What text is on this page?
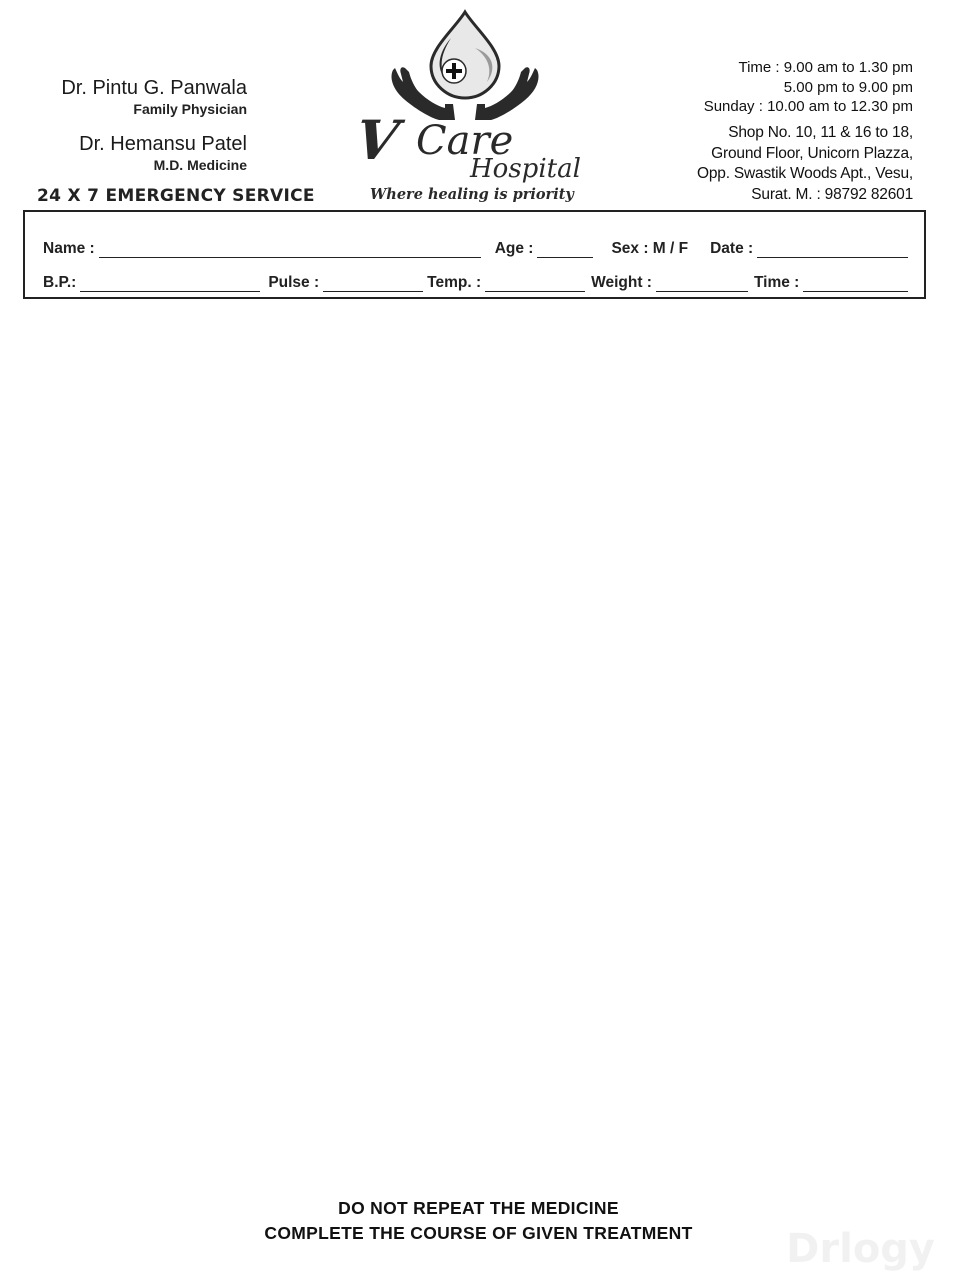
Dr. Pintu G. Panwala
Family Physician
Dr. Hemansu Patel
M.D. Medicine
24 X 7 EMERGENCY SERVICE
V Care
Hospital
Where healing is priority
Time : 9.00 am to 1.30 pm
5.00 pm to 9.00 pm
Sunday : 10.00 am to 12.30 pm
Shop No. 10, 11 & 16 to 18,
Ground Floor, Unicorn Plazza,
Opp. Swastik Woods Apt., Vesu,
Surat. M. : 98792 82601
Name :	Age :	Sex : M / F Date :
B.P.:	Pulse :	Temp. :	Weight :	Time :
DO NOT REPEAT THE MEDICINE
COMPLETE THE COURSE OF GIVEN TREATMENT	Drlogy
